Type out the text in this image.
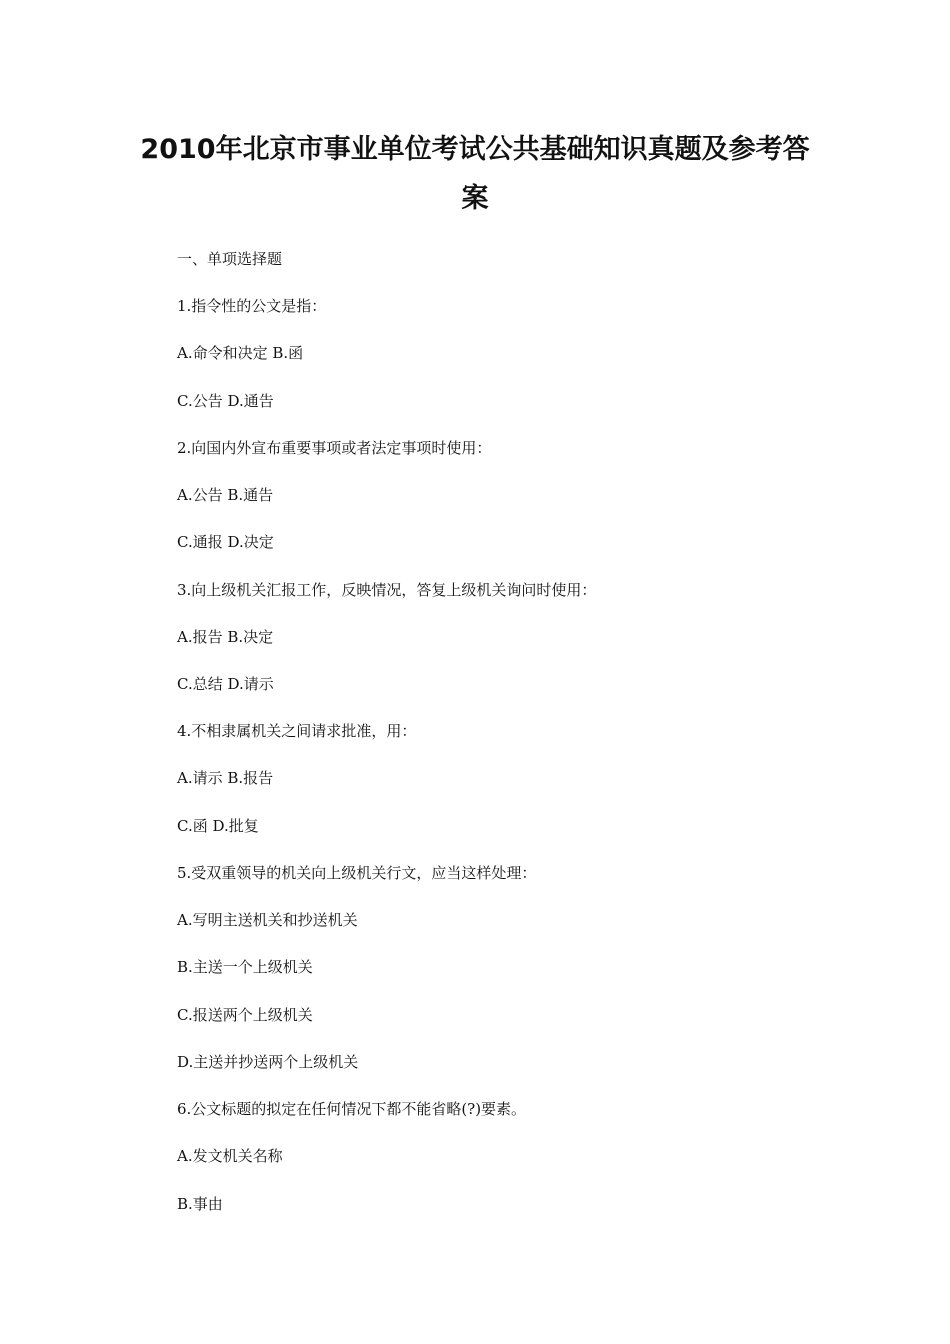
2010年北京市事业单位考试公共基础知识真题及参考答
案
一、单项选择题
1.指令性的公文是指：
A.命令和决定 B.函
C.公告 D.通告
2.向国内外宣布重要事项或者法定事项时使用：
A.公告 B.通告
C.通报 D.决定
3.向上级机关汇报工作，反映情况，答复上级机关询问时使用：
A.报告 B.决定
C.总结 D.请示
4.不相隶属机关之间请求批准，用：
A.请示 B.报告
C.函 D.批复
5.受双重领导的机关向上级机关行文，应当这样处理：
A.写明主送机关和抄送机关
B.主送一个上级机关
C.报送两个上级机关
D.主送并抄送两个上级机关
6.公文标题的拟定在任何情况下都不能省略(?)要素。
A.发文机关名称
B.事由
